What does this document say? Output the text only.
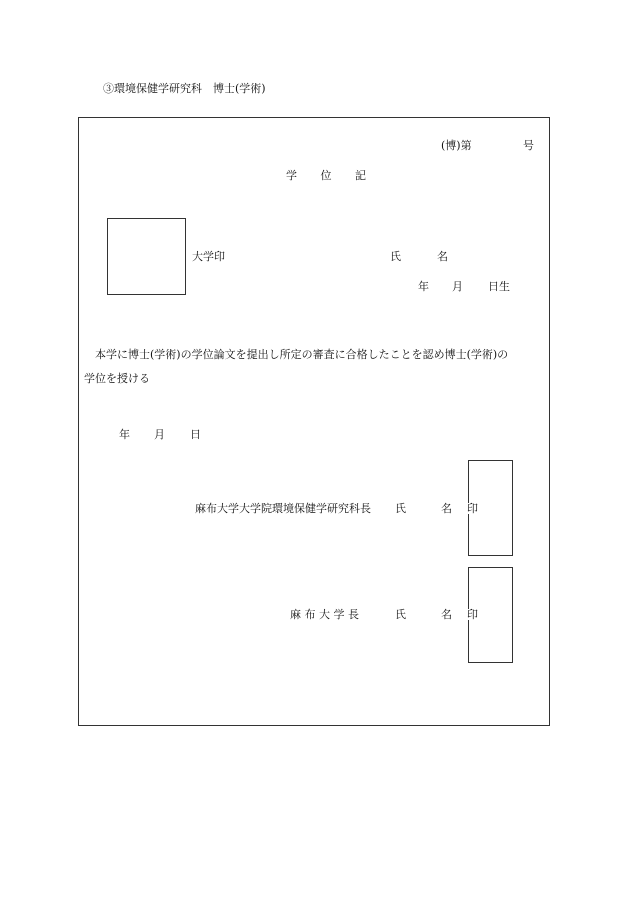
③環境保健学研究科　博士(学術)
(博)第	号
学 位 記
大学印	氏	名
年 月 日生
本学に博士(学術)の学位論文を提出し所定の審査に合格したことを認め博士(学術)の
学位を授ける
年 月 日
麻布大学大学院環境保健学研究科長 氏	名 印
麻 布 大 学 長	氏	名 印
